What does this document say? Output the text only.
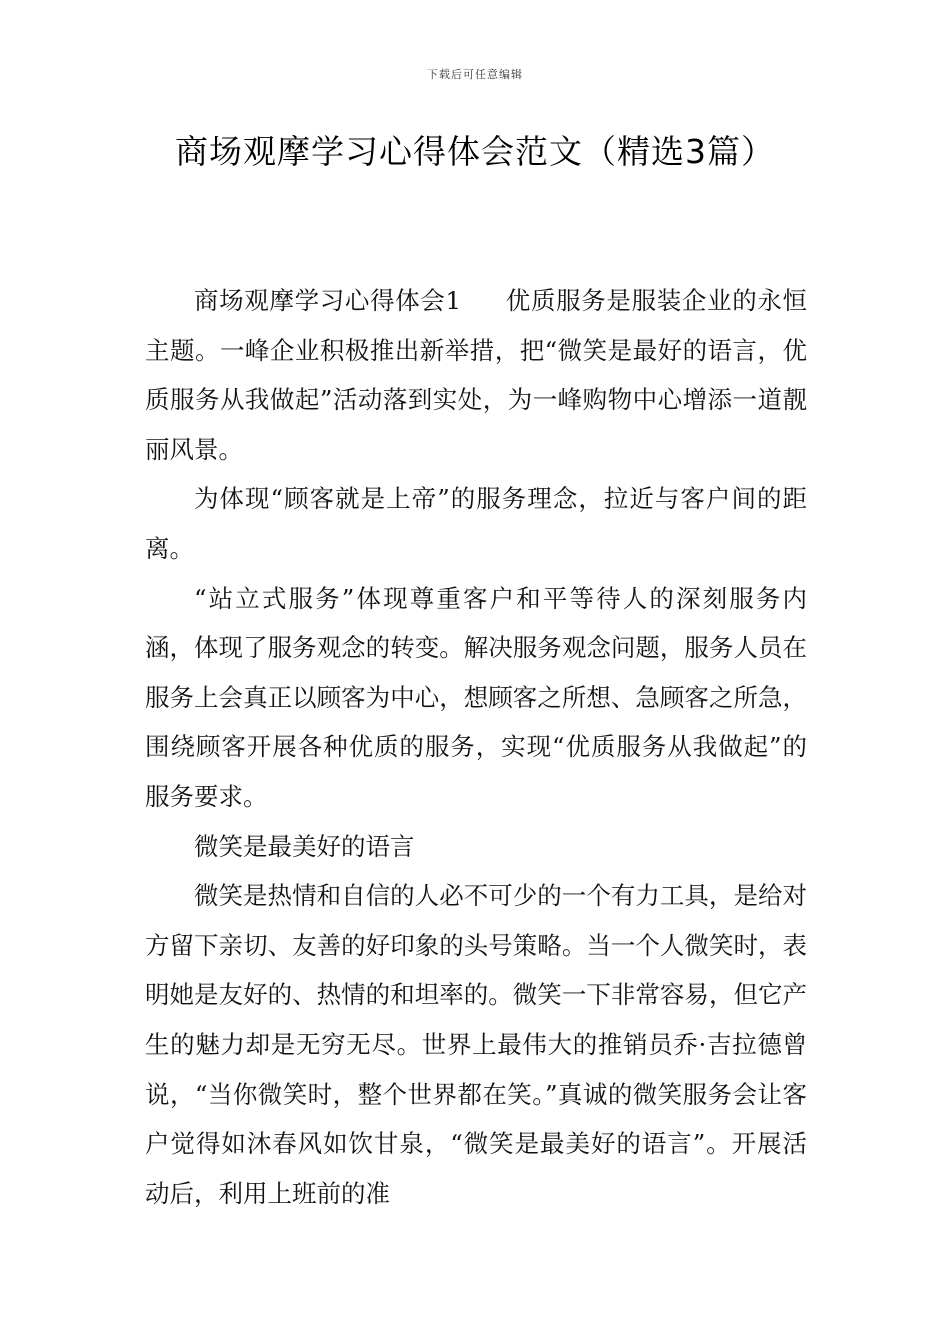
下载后可任意编辑
商场观摩学习心得体会范文（精选3篇）

商场观摩学习心得体会1 优质服务是服装企业的永恒主题。一峰企业积极推出新举措，把“微笑是最好的语言，优质服务从我做起”活动落到实处，为一峰购物中心增添一道靓丽风景。

为体现“顾客就是上帝”的服务理念，拉近与客户间的距离。

“站立式服务”体现尊重客户和平等待人的深刻服务内涵，体现了服务观念的转变。解决服务观念问题，服务人员在服务上会真正以顾客为中心，想顾客之所想、急顾客之所急，围绕顾客开展各种优质的服务，实现“优质服务从我做起”的服务要求。

微笑是最美好的语言

微笑是热情和自信的人必不可少的一个有力工具，是给对方留下亲切、友善的好印象的头号策略。当一个人微笑时，表明她是友好的、热情的和坦率的。微笑一下非常容易，但它产生的魅力却是无穷无尽。世界上最伟大的推销员乔·吉拉德曾说，“当你微笑时，整个世界都在笑。”真诚的微笑服务会让客户觉得如沐春风如饮甘泉，“微笑是最美好的语言”。开展活动后，利用上班前的准
